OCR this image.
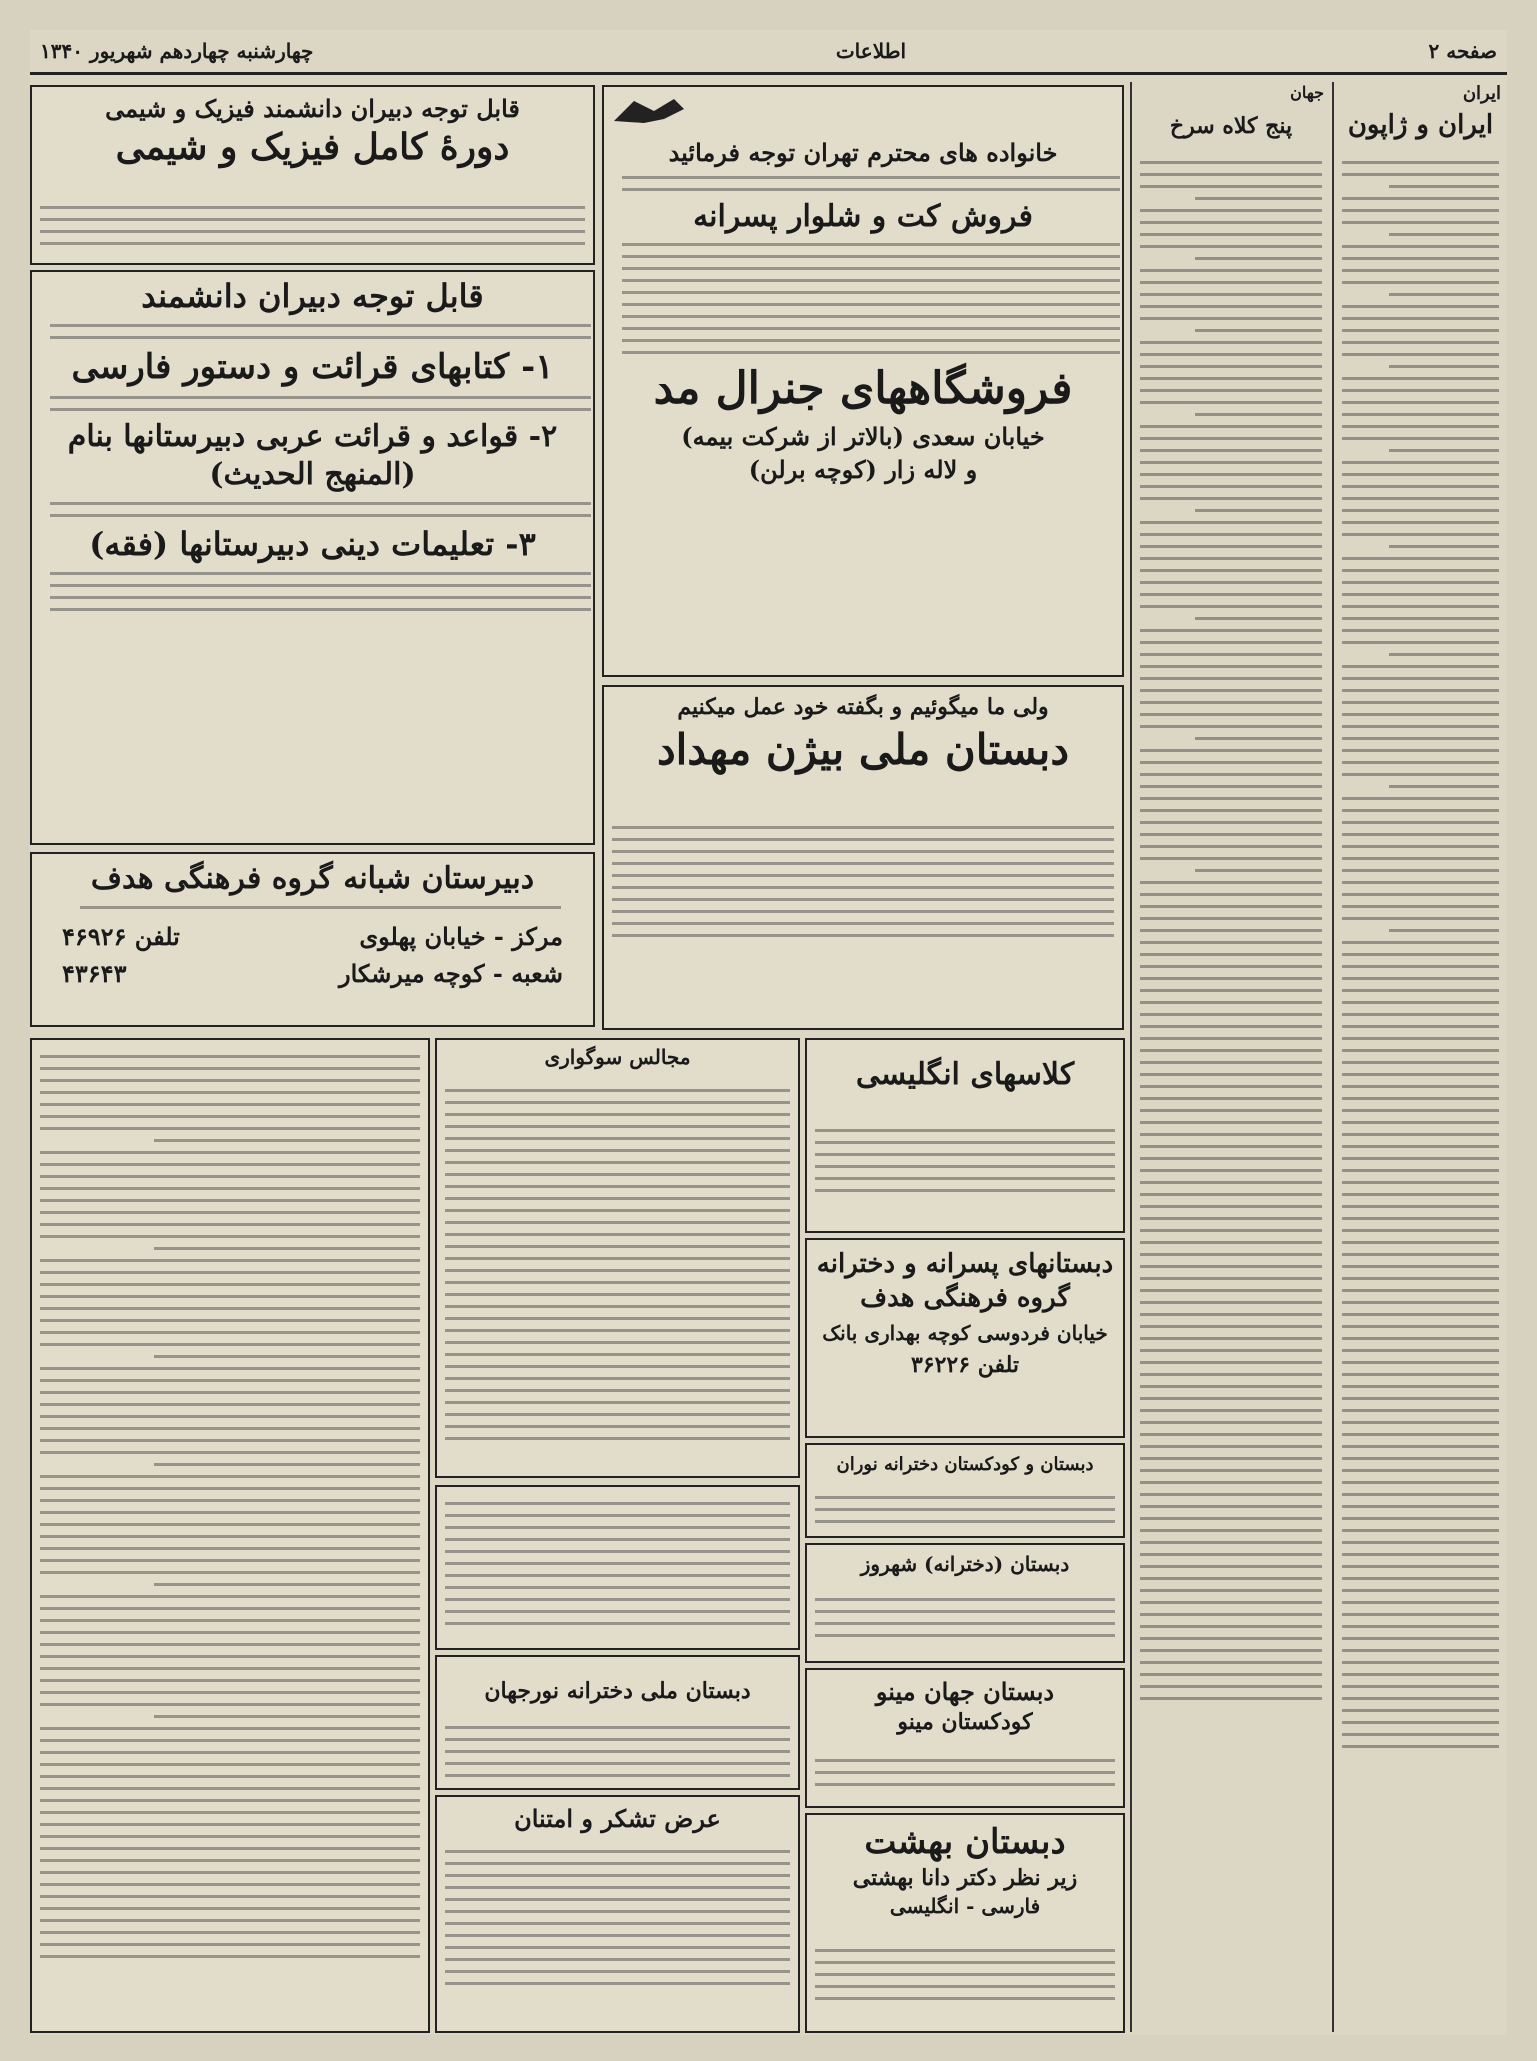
چهارشنبه چهاردهم شهریور ۱۳۴۰	اطلاعات	صفحه ۲
ایران
ایران و ژاپون
جهان
پنج کلاه سرخ
خانواده های محترم تهران توجه فرمائید
فروش کت و شلوار پسرانه
فروشگاههای جنرال مد
خیابان سعدی (بالاتر از شرکت بیمه)
و لاله زار (کوچه برلن)
قابل توجه دبیران دانشمند فیزیک و شیمی
دورهٔ کامل فیزیک و شیمی
قابل توجه دبیران دانشمند
۱- کتابهای قرائت و دستور فارسی
۲- قواعد و قرائت عربی دبیرستانها بنام
(المنهج الحدیث)
۳- تعلیمات دینی دبیرستانها (فقه)
دبیرستان شبانه گروه فرهنگی هدف
مرکز - خیابان پهلوی
تلفن ۴۶۹۲۶
شعبه - کوچه میرشکار
۴۳۶۴۳
ولی ما میگوئیم و بگفته خود عمل میکنیم
دبستان ملی بیژن مهداد
مجالس سوگواری
دبستان ملی دخترانه نورجهان
عرض تشکر و امتنان
کلاسهای انگلیسی
دبستانهای پسرانه و دخترانه
گروه فرهنگی هدف
خیابان فردوسی کوچه بهداری بانک
تلفن ۳۶۲۲۶
دبستان و کودکستان دخترانه نوران
دبستان (دخترانه) شهروز
دبستان جهان مینو
کودکستان مینو
دبستان بهشت
زیر نظر دکتر دانا بهشتی
فارسی - انگلیسی
